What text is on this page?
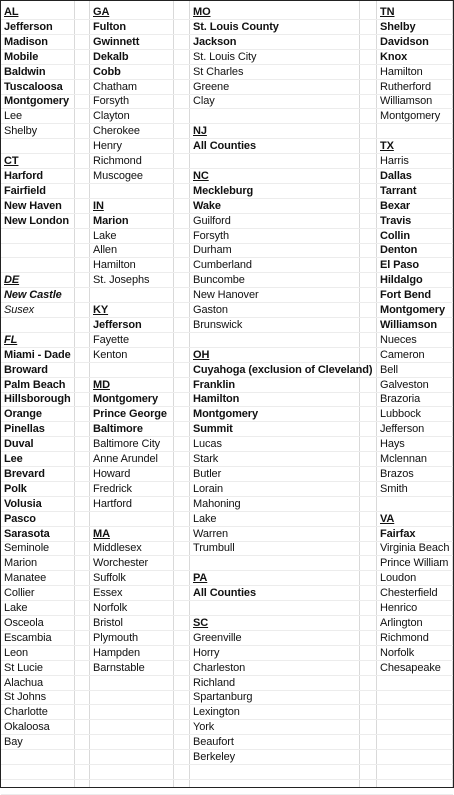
AL
Jefferson
Madison
Mobile
Baldwin
Tuscaloosa
Montgomery
Lee
Shelby
CT
Harford
Fairfield
New Haven
New London
DE
New Castle
Susex
FL
Miami - Dade
Broward
Palm Beach
Hillsborough
Orange
Pinellas
Duval
Lee
Brevard
Polk
Volusia
Pasco
Sarasota
Seminole
Marion
Manatee
Collier
Lake
Osceola
Escambia
Leon
St Lucie
Alachua
St Johns
Charlotte
Okaloosa
Bay
GA
Fulton
Gwinnett
Dekalb
Cobb
Chatham
Forsyth
Clayton
Cherokee
Henry
Richmond
Muscogee
IN
Marion
Lake
Allen
Hamilton
St. Josephs
KY
Jefferson
Fayette
Kenton
MD
Montgomery
Prince George
Baltimore
Baltimore City
Anne Arundel
Howard
Fredrick
Hartford
MA
Middlesex
Worchester
Suffolk
Essex
Norfolk
Bristol
Plymouth
Hampden
Barnstable
MO
St. Louis County
Jackson
St. Louis City
St Charles
Greene
Clay
NJ
All Counties
NC
Meckleburg
Wake
Guilford
Forsyth
Durham
Cumberland
Buncombe
New Hanover
Gaston
Brunswick
OH
Cuyahoga (exclusion of Cleveland)
Franklin
Hamilton
Montgomery
Summit
Lucas
Stark
Butler
Lorain
Mahoning
Lake
Warren
Trumbull
PA
All Counties
SC
Greenville
Horry
Charleston
Richland
Spartanburg
Lexington
York
Beaufort
Berkeley
TN
Shelby
Davidson
Knox
Hamilton
Rutherford
Williamson
Montgomery
TX
Harris
Dallas
Tarrant
Bexar
Travis
Collin
Denton
El Paso
Hildalgo
Fort Bend
Montgomery
Williamson
Nueces
Cameron
Bell
Galveston
Brazoria
Lubbock
Jefferson
Hays
Mclennan
Brazos
Smith
VA
Fairfax
Virginia Beach
Prince William
Loudon
Chesterfield
Henrico
Arlington
Richmond
Norfolk
Chesapeake
